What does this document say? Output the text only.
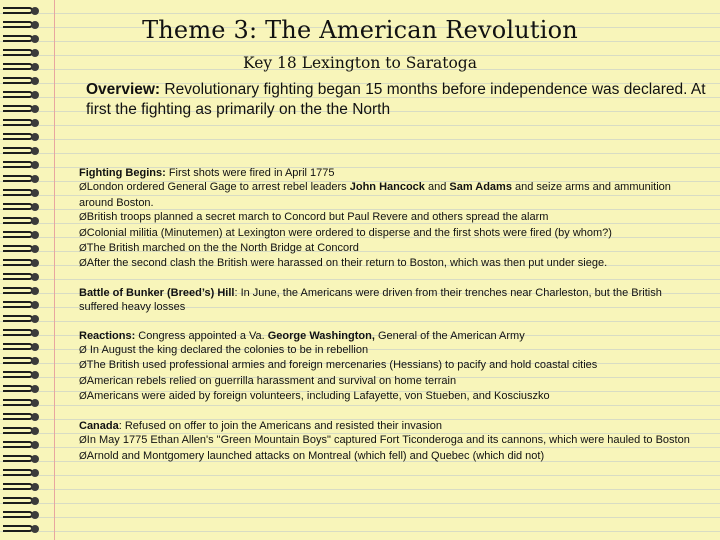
Theme 3: The American Revolution
Key 18 Lexington to Saratoga
Overview: Revolutionary fighting began 15 months before independence was declared. At first the fighting as primarily on the the North

Fighting Begins: First shots were fired in April 1775

ØLondon ordered General Gage to arrest rebel leaders John Hancock and Sam Adams and seize arms and ammunition around Boston.
ØBritish troops planned a secret march to Concord but Paul Revere and others spread the alarm
ØColonial militia (Minutemen) at Lexington were ordered to disperse and the first shots were fired (by whom?)
ØThe British marched on the the North Bridge at Concord
ØAfter the second clash the British were harassed on their return to Boston, which was then put under siege.

Battle of Bunker (Breed’s) Hill: In June, the Americans were driven from their trenches near Charleston, but the British suffered heavy losses

Reactions: Congress appointed a Va. George Washington, General of the American Army

Ø In August the king declared the colonies to be in rebellion
ØThe British used professional armies and foreign mercenaries (Hessians) to pacify and hold coastal cities
ØAmerican rebels relied on guerrilla harassment and survival on home terrain
ØAmericans were aided by foreign volunteers, including Lafayette, von Stueben, and Kosciuszko

Canada: Refused on offer to join the Americans and resisted their invasion

ØIn May 1775 Ethan Allen's "Green Mountain Boys" captured Fort Ticonderoga and its cannons, which were hauled to Boston
ØArnold and Montgomery launched attacks on Montreal (which fell) and Quebec (which did not)
